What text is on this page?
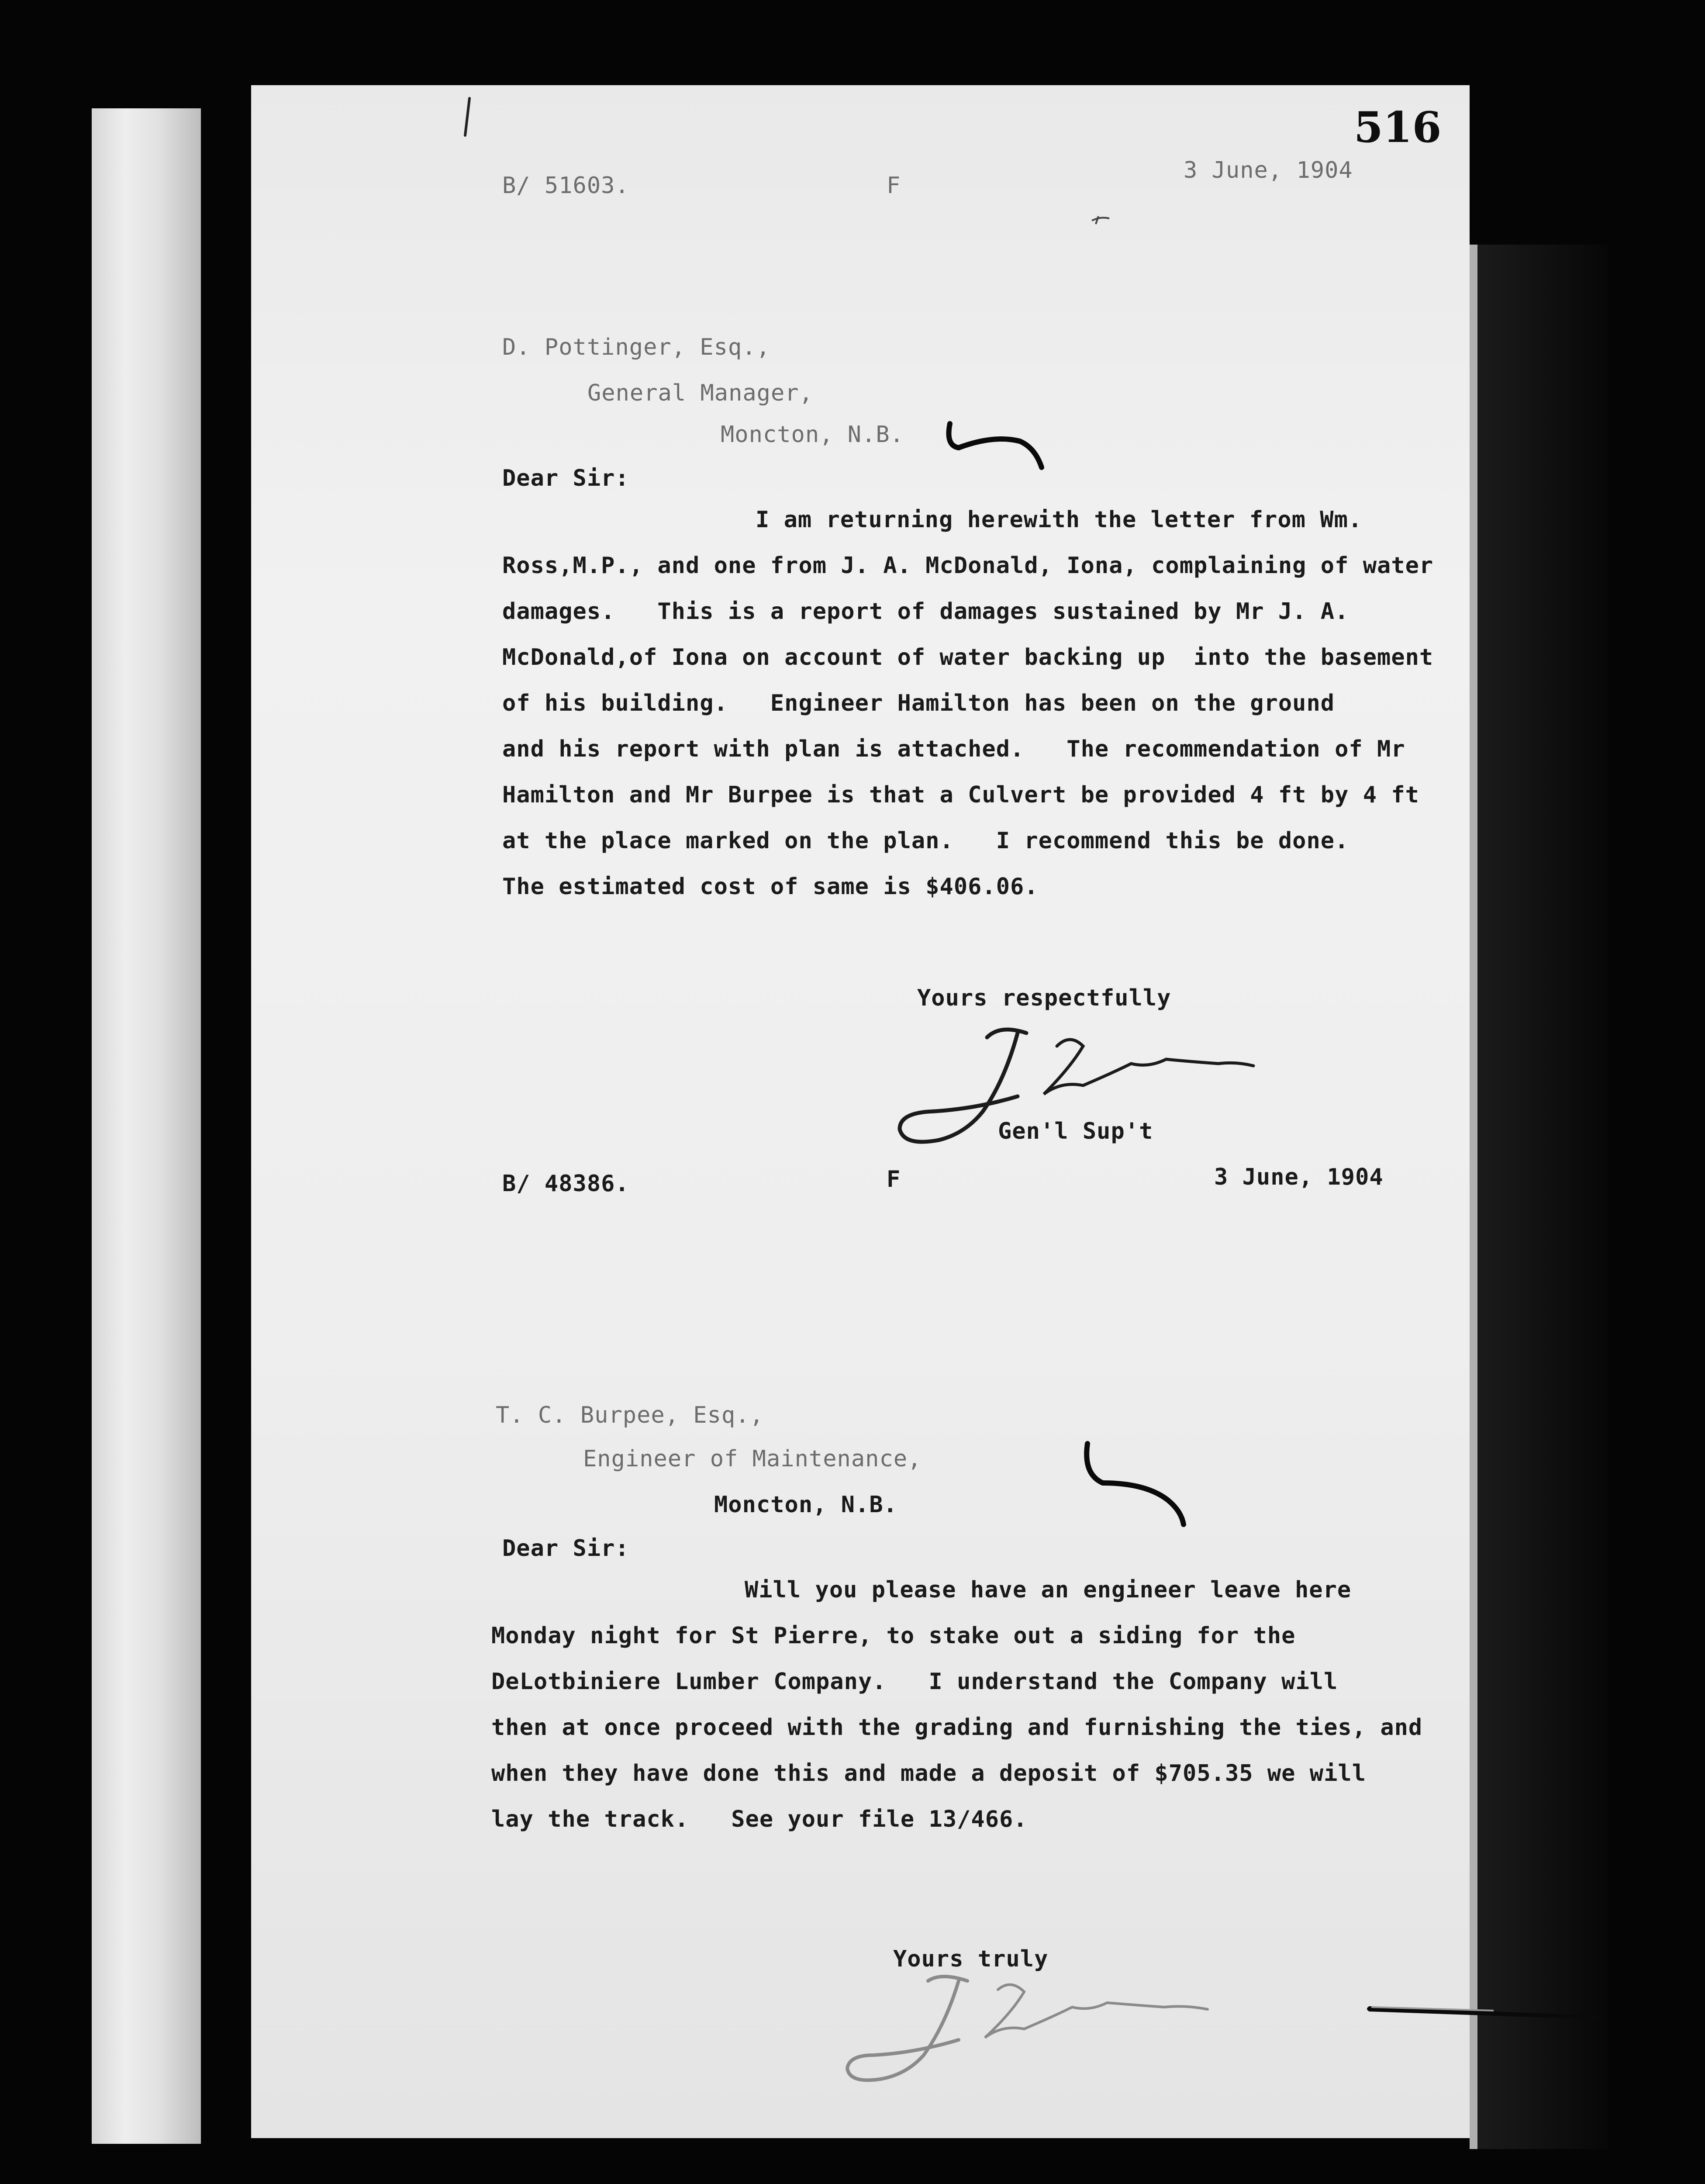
516
B/ 51603.	F
3 June, 1904
D. Pottinger, Esq.,
General Manager,
Moncton, N.B.
Dear Sir:
I am returning herewith the letter from Wm.
Ross,M.P., and one from J. A. McDonald, Iona, complaining of water
damages.   This is a report of damages sustained by Mr J. A.
McDonald,of Iona on account of water backing up  into the basement
of his building.   Engineer Hamilton has been on the ground
and his report with plan is attached.   The recommendation of Mr
Hamilton and Mr Burpee is that a Culvert be provided 4 ft by 4 ft
at the place marked on the plan.   I recommend this be done.
The estimated cost of same is $406.06.
Yours respectfully
Gen'l Sup't
B/ 48386.	F	3 June, 1904
T. C. Burpee, Esq.,
Engineer of Maintenance,
Moncton, N.B.
Dear Sir:
Will you please have an engineer leave here
Monday night for St Pierre, to stake out a siding for the
DeLotbiniere Lumber Company.   I understand the Company will
then at once proceed with the grading and furnishing the ties, and
when they have done this and made a deposit of $705.35 we will
lay the track.   See your file 13/466.
Yours truly
